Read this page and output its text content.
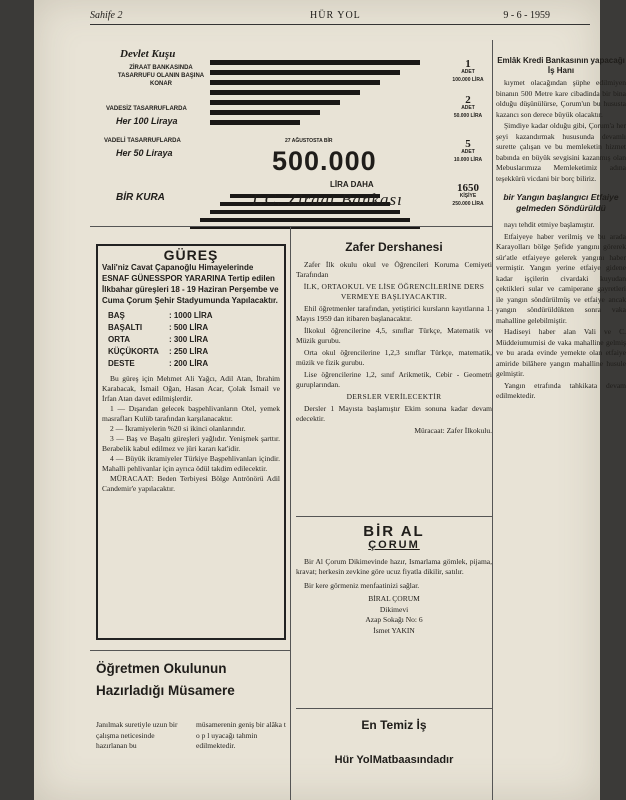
Sahife 2	HÜR YOL	9 - 6 - 1959
Devlet Kuşu
ZİRAAT BANKASINDA TASARRUFU OLANIN BAŞINA KONAR
VADESİZ TASARRUFLARDA
Her 100 Liraya
VADELİ TASARRUFLARDA
Her 50 Liraya
BİR KURA
27 AĞUSTOSTA BİR
500.000
LİRA DAHA
1
ADET
100.000 LİRA
2
ADET
50.000 LİRA
5
ADET
10.000 LİRA
1650
KİŞİYE
250.000 LİRA
T.C. Ziraat Bankası
Emlâk Kredi Bankasının yapacağı İş Hanı

kıymet olacağından şüphe edilmiyen binanın 500 Metre kare cibadinda bir bina olduğu düşünülürse, Çorum'un bu hususta kazancı son derece büyük olacaktır.

Şimdiye kadar olduğu gibi, Çorum'a her şeyi kazandırmak hususunda devamlı surette çalışan ve bu memleketin hizmet babında en büyük sevgisini kazanmış olan Mebuslarımıza Memleketimiz adına teşekkürü vicdani bir borç biliriz.

bir Yangın başlangıcı Etfaiye gelmeden Söndürüldü

nayı tehdit etmiye başlamıştır.

Etfaiyeye haber verilmiş ve bu arada Karayolları bölge Şefide yangını görerek sür'atle etfaiyeye gelerek yangını haber vermiştir. Yangın yerine etfaiye gidene kadar işçilerin civardaki kuyudan çektikleri sular ve camiperane gayretleri ile yangın söndürülmüş ve etfaiye ancak yangın söndürüldükten sonra vaka mahalline gelebilmiştir.

Hadiseyi haber alan Vali ve C. Müddeiumumisi de vaka mahalline gelmiş ve bu arada evinde yemekte olan etfaiye amiride bilâhere yangın mahalline husule gelmiştir.

Yangın etrafında tahkikata devam edilmektedir.

GÜREŞ
Vali'niz Cavat Çapanoğlu Himayelerinde ESNAF GÜNESSPOR YARARINA Tertip edilen İlkbahar güreşleri 18 - 19 Haziran Perşembe ve Cuma Çorum Şehir Stadyumunda Yapılacaktır.
BAŞ	: 1000 LİRA
BAŞALTI	: 500 LİRA
ORTA	: 300 LİRA
KÜÇÜKORTA	: 250 LİRA
DESTE	: 200 LİRA

Bu güreş için Mehmet Ali Yağcı, Adil Atan, İbrahim Karabacak, İsmail Oğan, Hasan Acar, Çolak İsmail ve İrfan Atan davet edilmişlerdir.

1 — Dışarıdan gelecek başpehlivanların Otel, yemek masrafları Kulüb tarafından karşılanacaktır.

2 — İkramiyelerin %20 si ikinci olanlarındır.

3 — Baş ve Başaltı güreşleri yağlıdır. Yenişmek şarttır. Berabelik kabul edilmez ve jüri kararı kat'idir.

4 — Büyük ikramiyeler Türkiye Başpehlivanları içindir. Mahalli pehlivanlar için ayrıca ödül takdim edilecektir.

MÜRACAAT: Beden Terbiyesi Bölge Antrönörü Adil Candemir'e yapılacaktır.

Öğretmen Okulunun
Hazırladığı Müsamere
Janılmak suretiyle uzun bir çalışma neticesinde hazırlanan bu
müsamerenin geniş bir alâka t o p l uyacağı tahmin edilmektedir.
Zafer Dershanesi

Zafer İlk okulu okul ve Öğrencileri Koruma Cemiyeti Tarafından

İLK, ORTAOKUL VE LİSE ÖĞRENCİLERİNE DERS VERMEYE BAŞLIYACAKTIR.

Ehil öğretmenler tarafından, yetiştirici kursların kayıtlarına 1. Mayıs 1959 dan itibaren başlanacaktır.

İlkokul öğrencilerine 4,5, sınıflar Türkçe, Matematik ve Müzik gurubu.

Orta okul öğrencilerine 1,2,3 sınıflar Türkçe, matematik, müzik ve fizik gurubu.

Lise öğrencilerine 1,2, sınıf Arikmetik, Cebir - Geometri guruplarından.

DERSLER VERİLECEKTİR

Dersler 1 Mayısta başlamıştır Ekim sonuna kadar devam edecektir.

Müracaat: Zafer İlkokulu.

BİR AL
ÇORUM

Bir Al Çorum Dikimevinde hazır, Ismarlama gömlek, pijama, kravat; herkesin zevkine göre ucuz fiyatla dikilir, satılır.

Bir kere görmeniz menfaatinizi sağlar.

BİRAL ÇORUM
Dikimevi
Azap Sokağı No: 6
İsmet YAKIN
En Temiz İş
Hür YolMatbaasındadır
